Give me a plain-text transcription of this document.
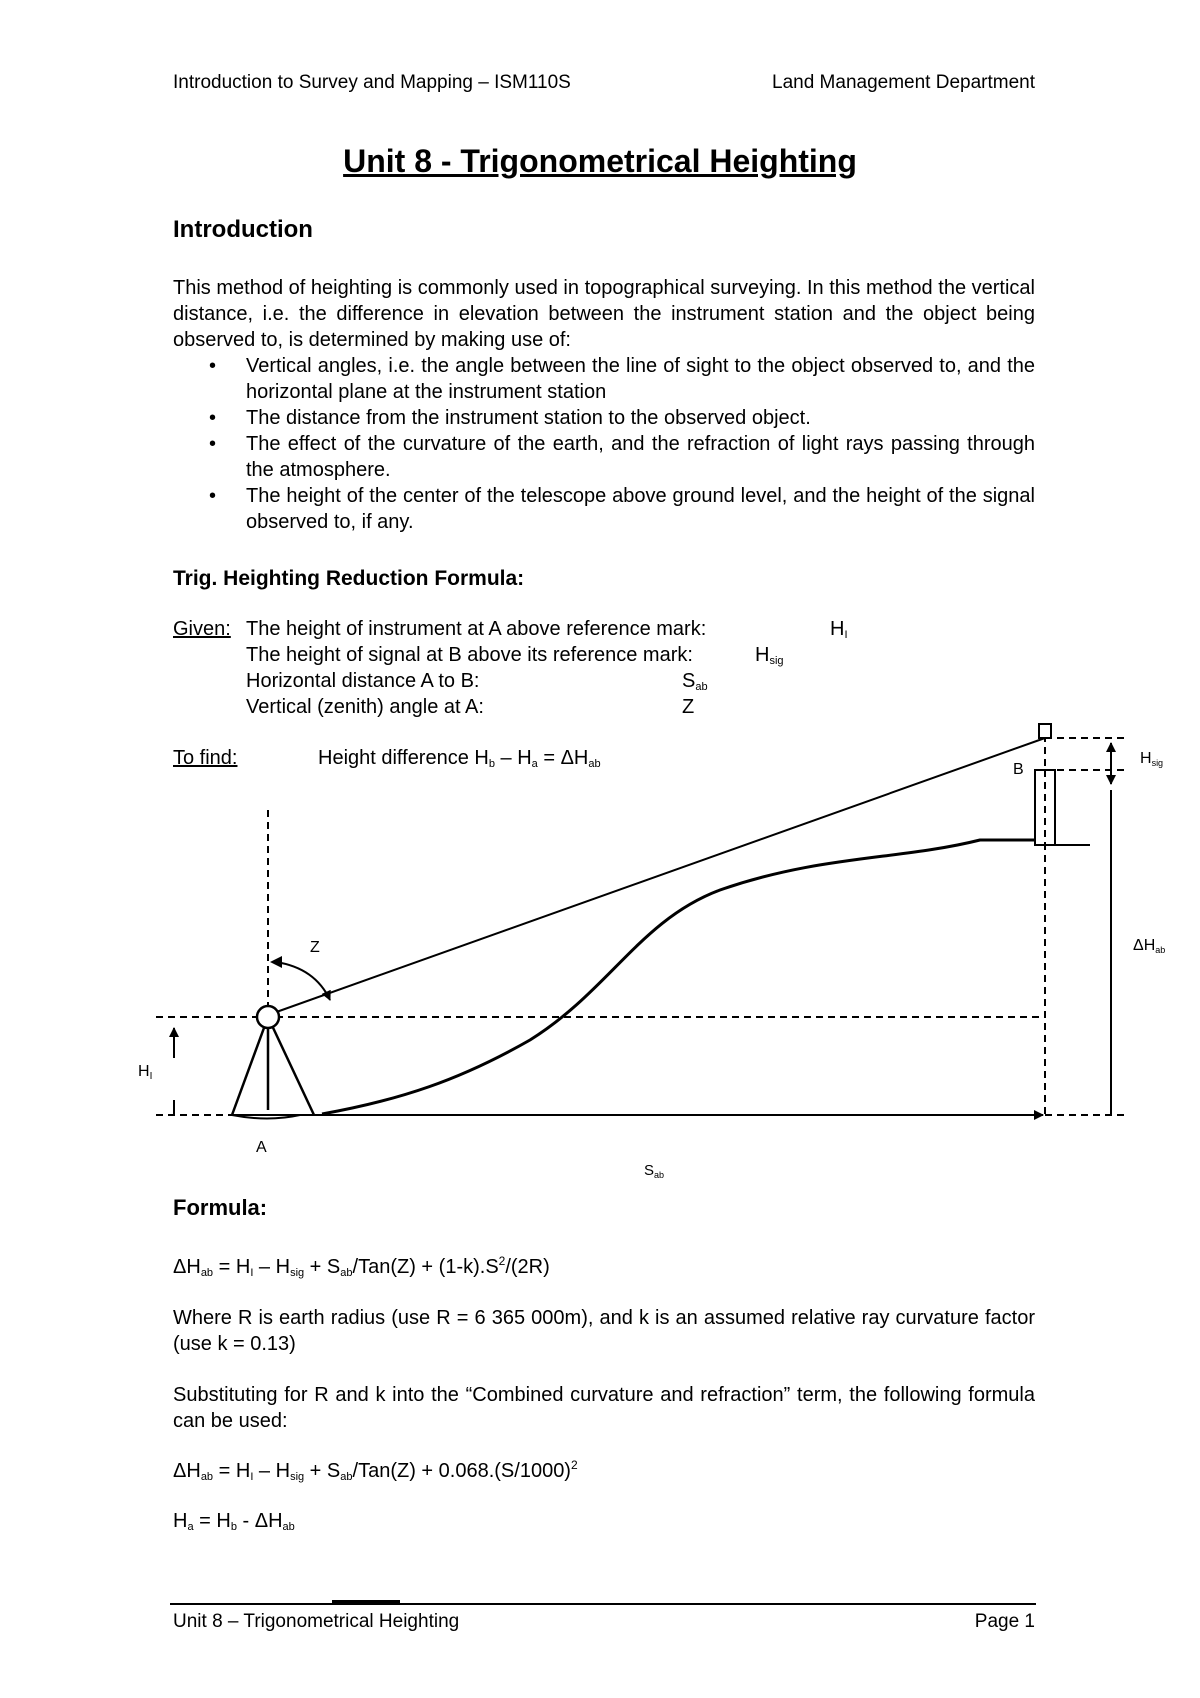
Introduction to Survey and Mapping – ISM110S	Land Management Department
Unit 8 - Trigonometrical Heighting
Introduction
This method of heighting is commonly used in topographical surveying. In this method the vertical distance, i.e. the difference in elevation between the instrument station and the object being observed to, is determined by making use of:
• Vertical angles, i.e. the angle between the line of sight to the object observed to, and the horizontal plane at the instrument station
• The distance from the instrument station to the observed object.
• The effect of the curvature of the earth, and the refraction of light rays passing through the atmosphere.
• The height of the center of the telescope above ground level, and the height of the signal observed to, if any.
Trig. Heighting Reduction Formula:
Given: The height of instrument at A above reference mark:	$H_I$
The height of signal at B above its reference mark:	$H_{sig}$
Horizontal distance A to B:	$S_{ab}$
Vertical (zenith) angle at A:	Z
To find:	Height difference $H_b - H_a = \Delta H_{ab}$
Z
HI
A
B
$S_{ab}$
Hsig
ΔHab
Formula:
$\Delta H_{ab} = H_I - H_{sig} + S_{ab}/Tan(Z) + (1-k).S^2/(2R)$
Where R is earth radius (use R = 6 365 000m), and k is an assumed relative ray curvature factor (use k = 0.13)
Substituting for R and k into the “Combined curvature and refraction” term, the following formula can be used:
$\Delta H_{ab} = H_I - H_{sig} + S_{ab}/Tan(Z) + 0.068.(S/1000)^2$
$H_a = H_b - \Delta H_{ab}$
Unit 8 – Trigonometrical Heighting	Page 1
